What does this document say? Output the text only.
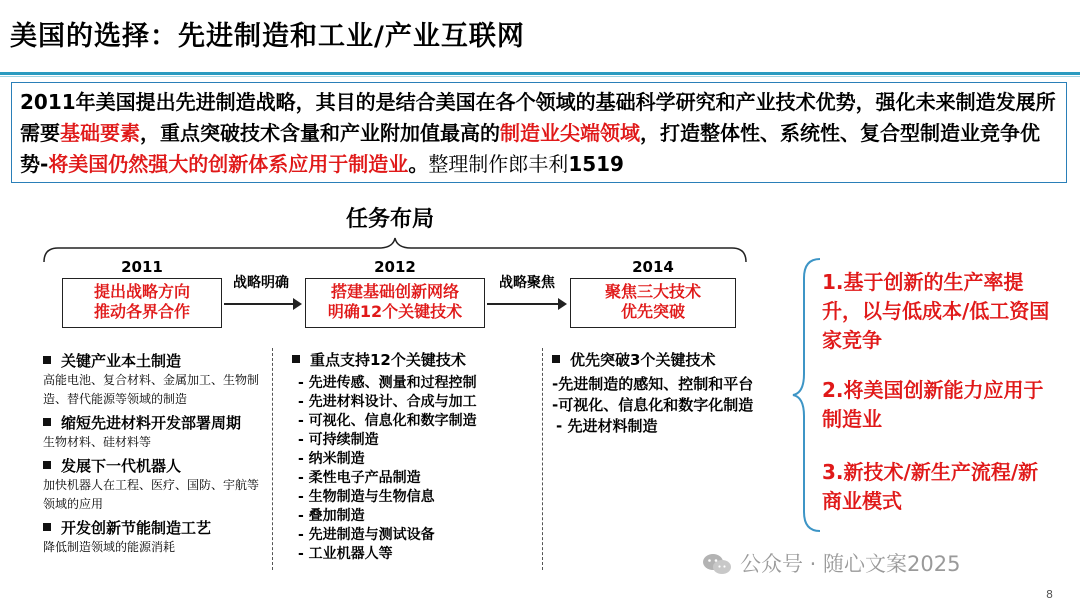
美国的选择：先进制造和工业/产业互联网
2011年美国提出先进制造战略，其目的是结合美国在各个领域的基础科学研究和产业技术优势，强化未来制造发展所需要基础要素，重点突破技术含量和产业附加值最高的制造业尖端领域，打造整体性、系统性、复合型制造业竞争优势-将美国仍然强大的创新体系应用于制造业。整理制作郎丰利1519
任务布局
2011	2012	2014
提出战略方向
推动各界合作
搭建基础创新网络
明确12个关键技术
聚焦三大技术
优先突破
战略明确	战略聚焦
关键产业本土制造
高能电池、复合材料、金属加工、生物制造、替代能源等领域的制造
缩短先进材料开发部署周期
生物材料、硅材料等
发展下一代机器人
加快机器人在工程、医疗、国防、宇航等领域的应用
开发创新节能制造工艺
降低制造领域的能源消耗
重点支持12个关键技术
- 先进传感、测量和过程控制
- 先进材料设计、合成与加工
- 可视化、信息化和数字制造
- 可持续制造
- 纳米制造
- 柔性电子产品制造
- 生物制造与生物信息
- 叠加制造
- 先进制造与测试设备
- 工业机器人等
优先突破3个关键技术
-先进制造的感知、控制和平台
-可视化、信息化和数字化制造
- 先进材料制造
1.基于创新的生产率提升，以与低成本/低工资国家竞争
2.将美国创新能力应用于制造业
3.新技术/新生产流程/新商业模式
公众号 · 随心文案2025
8
